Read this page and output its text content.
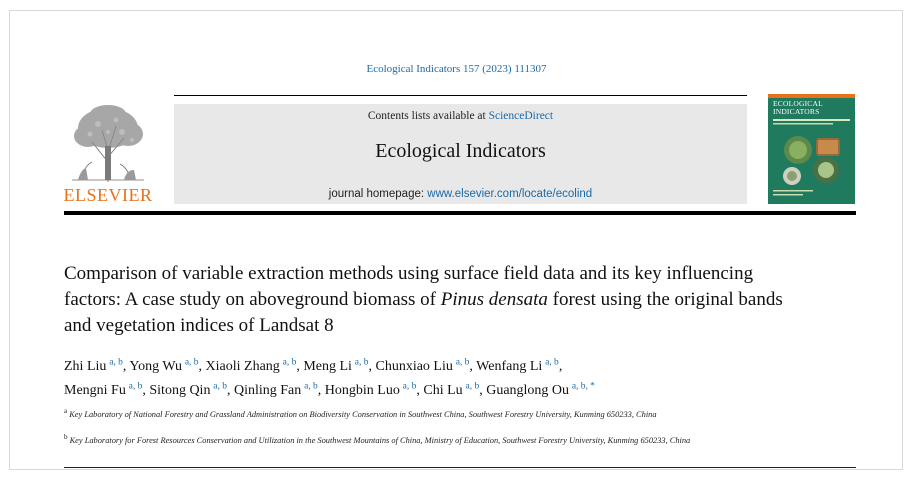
Ecological Indicators 157 (2023) 111307
ELSEVIER
Contents lists available at ScienceDirect
Ecological Indicators
journal homepage: www.elsevier.com/locate/ecolind
ECOLOGICAL INDICATORS
Comparison of variable extraction methods using surface field data and its key influencing factors: A case study on aboveground biomass of Pinus densata forest using the original bands and vegetation indices of Landsat 8
Zhi Liu  $^{a, b}$, Yong Wu  $^{a, b}$, Xiaoli Zhang  $^{a, b}$, Meng Li  $^{a, b}$, Chunxiao Liu  $^{a, b}$, Wenfang Li  $^{a, b}$,
Mengni Fu  $^{a, b}$, Sitong Qin  $^{a, b}$, Qinling Fan  $^{a, b}$, Hongbin Luo  $^{a, b}$, Chi Lu  $^{a, b}$, Guanglong Ou  $^{a, b, *}$
$^a$ Key Laboratory of National Forestry and Grassland Administration on Biodiversity Conservation in Southwest China, Southwest Forestry University, Kunming 650233, China
$^b$ Key Laboratory for Forest Resources Conservation and Utilization in the Southwest Mountains of China, Ministry of Education, Southwest Forestry University, Kunming 650233, China
